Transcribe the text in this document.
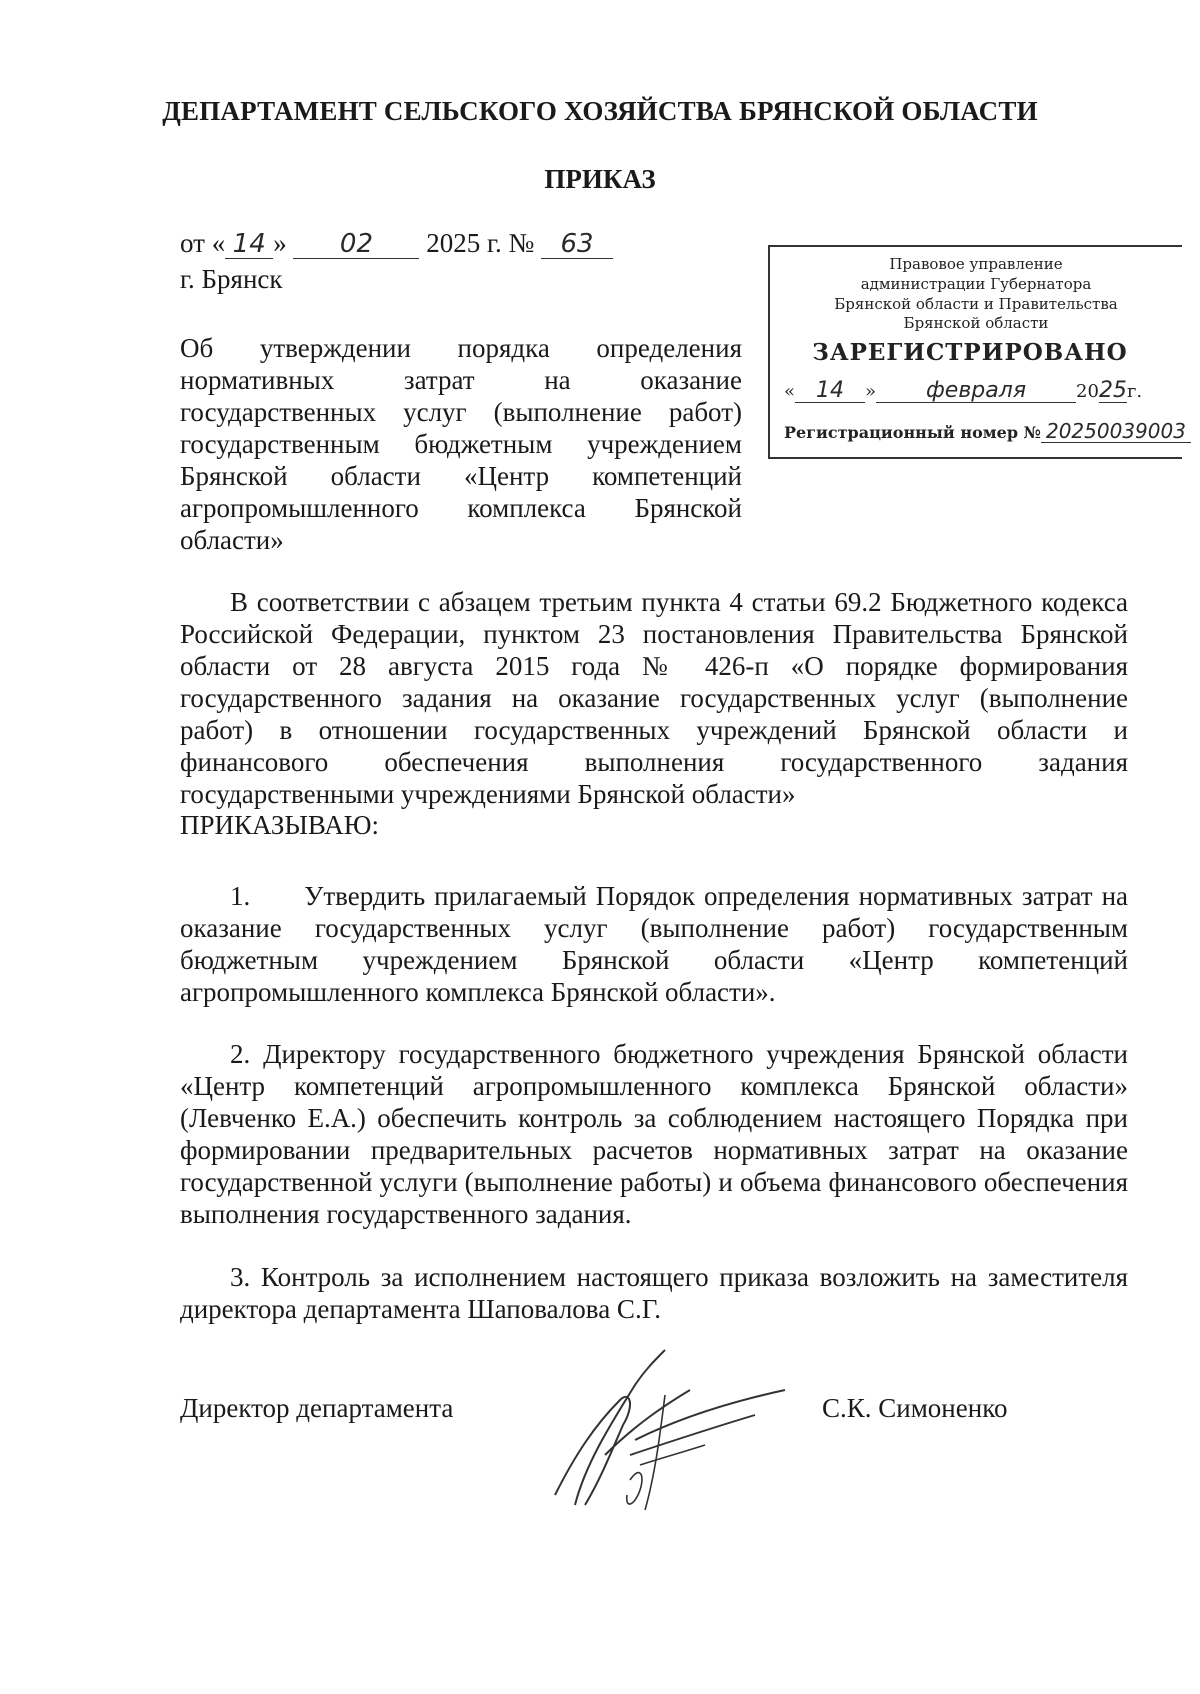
ДЕПАРТАМЕНТ СЕЛЬСКОГО ХОЗЯЙСТВА БРЯНСКОЙ ОБЛАСТИ
ПРИКАЗ
от « 14 » 02 2025 г. № 63
г. Брянск
Об утверждении порядка определения нормативных затрат на оказание государственных услуг (выполнение работ) государственным бюджетным учреждением Брянской области «Центр компетенций агропромышленного комплекса Брянской области»
Правовое управление
администрации Губернатора
Брянской области и Правительства
Брянской области
ЗАРЕГИСТРИРОВАНО
« 14 » февраля	2025г.
Регистрационный номер № 20250039003
В соответствии с абзацем третьим пункта 4 статьи 69.2 Бюджетного кодекса Российской Федерации, пунктом 23 постановления Правительства Брянской области от 28 августа 2015 года № 426-п «О порядке формирования государственного задания на оказание государственных услуг (выполнение работ) в отношении государственных учреждений Брянской области и финансового обеспечения выполнения государственного задания государственными учреждениями Брянской области»
ПРИКАЗЫВАЮ:
1. Утвердить прилагаемый Порядок определения нормативных затрат на оказание государственных услуг (выполнение работ) государственным бюджетным учреждением Брянской области «Центр компетенций агропромышленного комплекса Брянской области».
2. Директору государственного бюджетного учреждения Брянской области «Центр компетенций агропромышленного комплекса Брянской области» (Левченко Е.А.) обеспечить контроль за соблюдением настоящего Порядка при формировании предварительных расчетов нормативных затрат на оказание государственной услуги (выполнение работы) и объема финансового обеспечения выполнения государственного задания.
3. Контроль за исполнением настоящего приказа возложить на заместителя директора департамента Шаповалова С.Г.
Директор департамента	С.К. Симоненко
